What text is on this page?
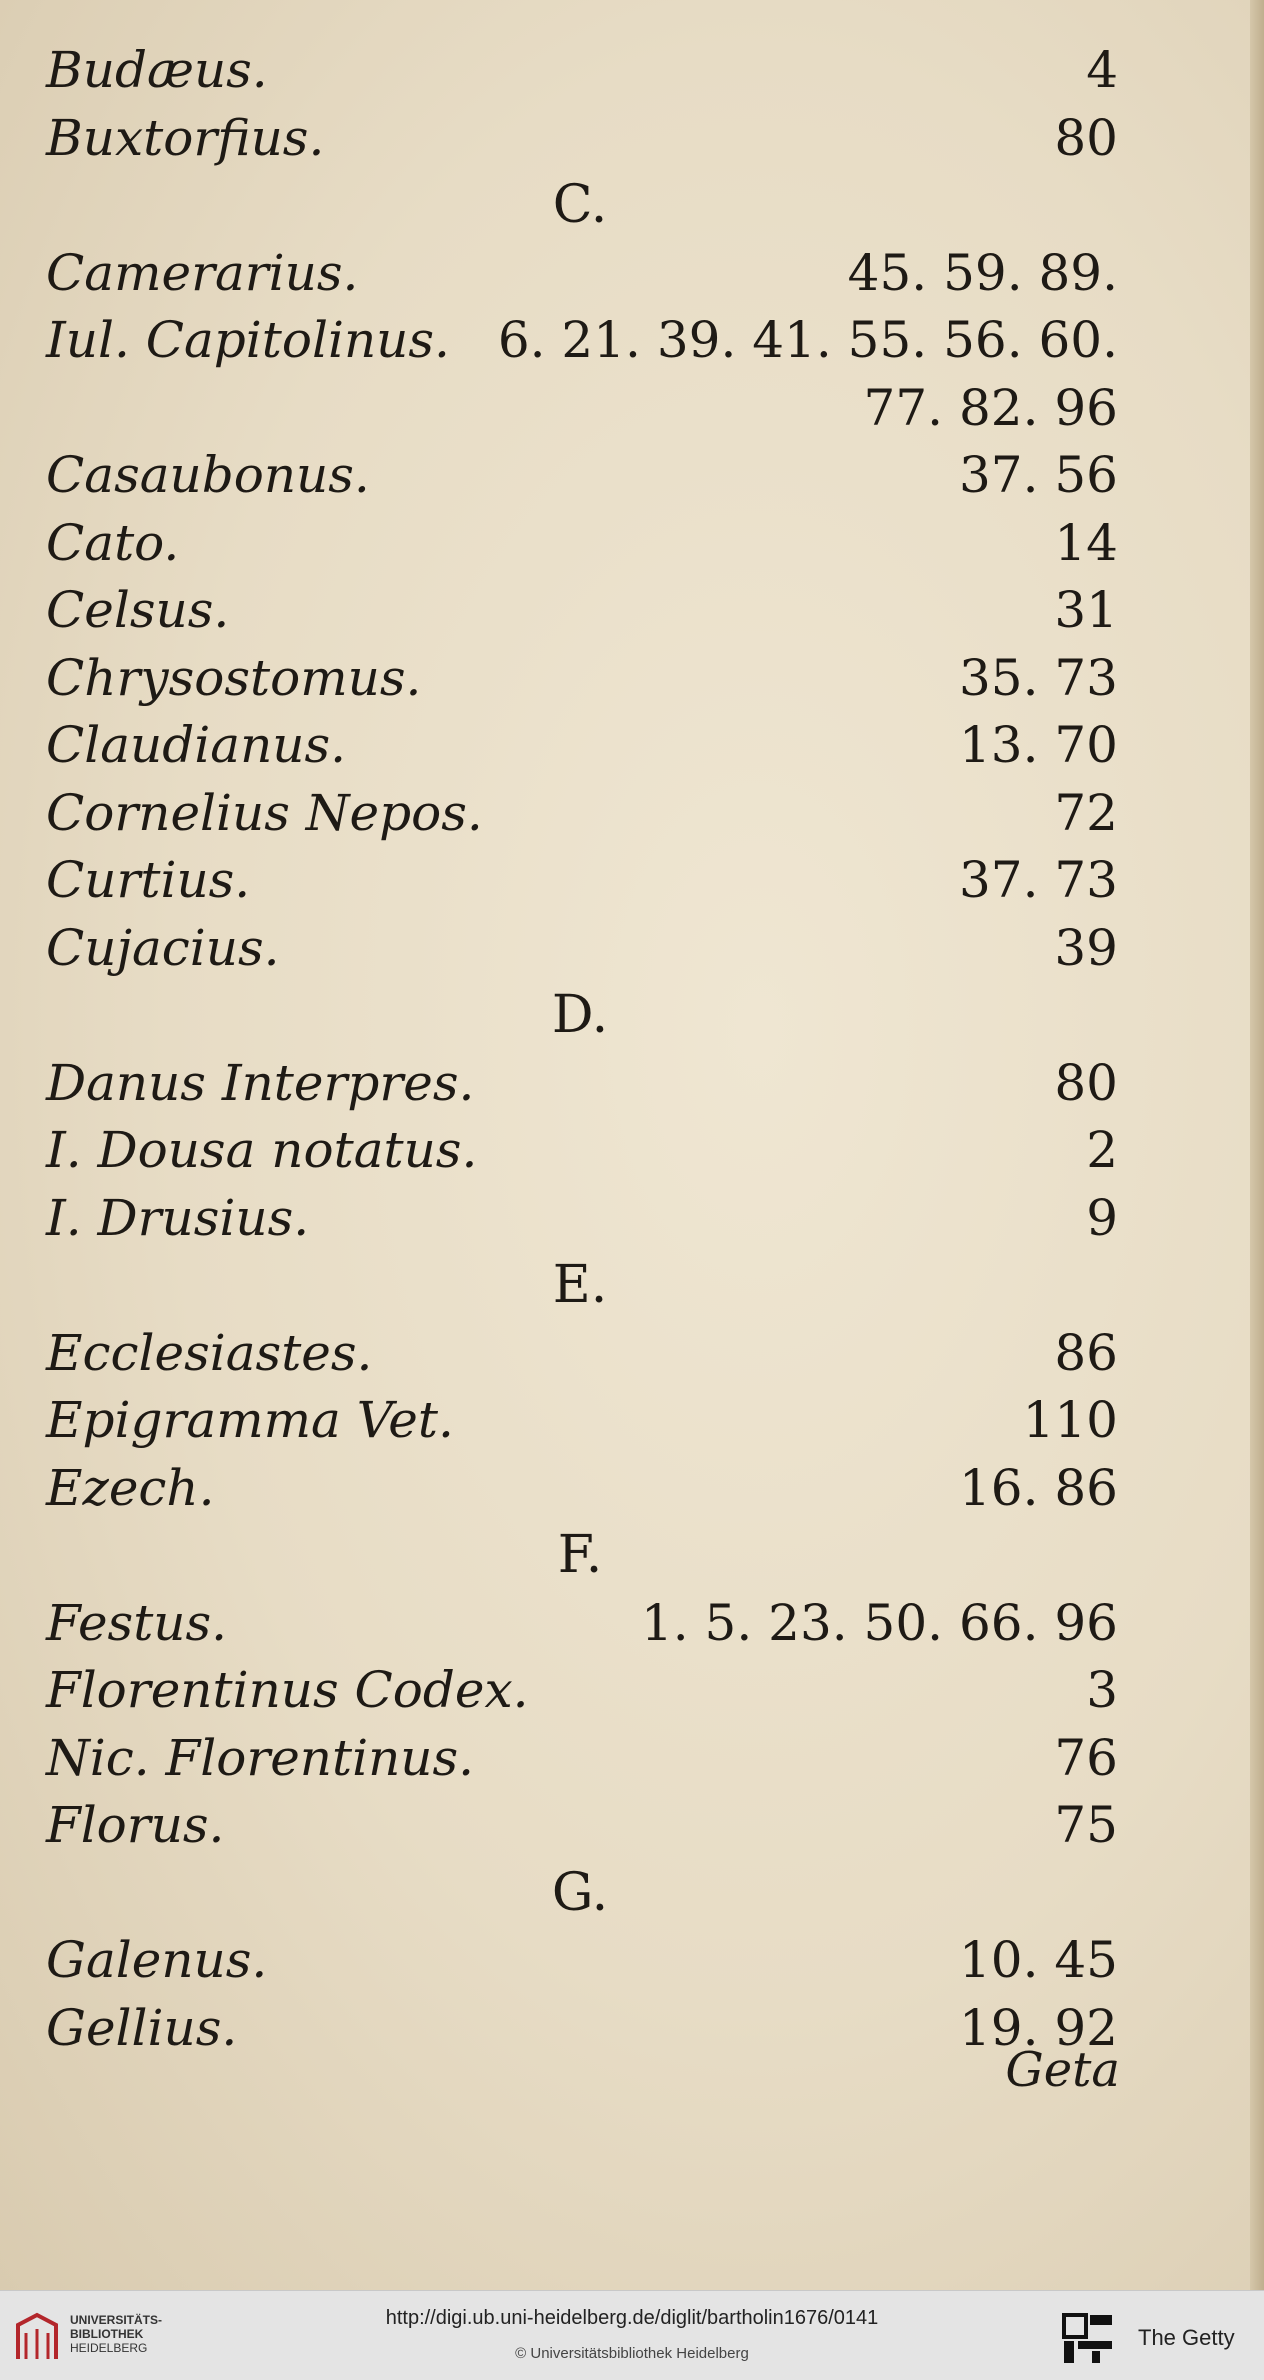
Budæus.	4
Buxtorfius.	80
C.
Camerarius.	45. 59. 89.
Iul. Capitolinus. 6. 21. 39. 41. 55. 56. 60.
77. 82. 96
Casaubonus.	37. 56
Cato.	14
Celsus.	31
Chrysostomus.	35. 73
Claudianus.	13. 70
Cornelius Nepos.	72
Curtius.	37. 73
Cujacius.	39
D.
Danus Interpres.	80
I. Dousa notatus.	2
I. Drusius.	9
E.
Ecclesiastes.	86
Epigramma Vet.	110
Ezech.	16. 86
F.
Festus.	1. 5. 23. 50. 66. 96
Florentinus Codex.	3
Nic. Florentinus.	76
Florus.	75
G.
Galenus.	10. 45
Gellius.	19. 92
Geta
UNIVERSITÄTS-
BIBLIOTHEK
HEIDELBERG
http://digi.ub.uni-heidelberg.de/diglit/bartholin1676/0141
© Universitätsbibliothek Heidelberg
The Getty
